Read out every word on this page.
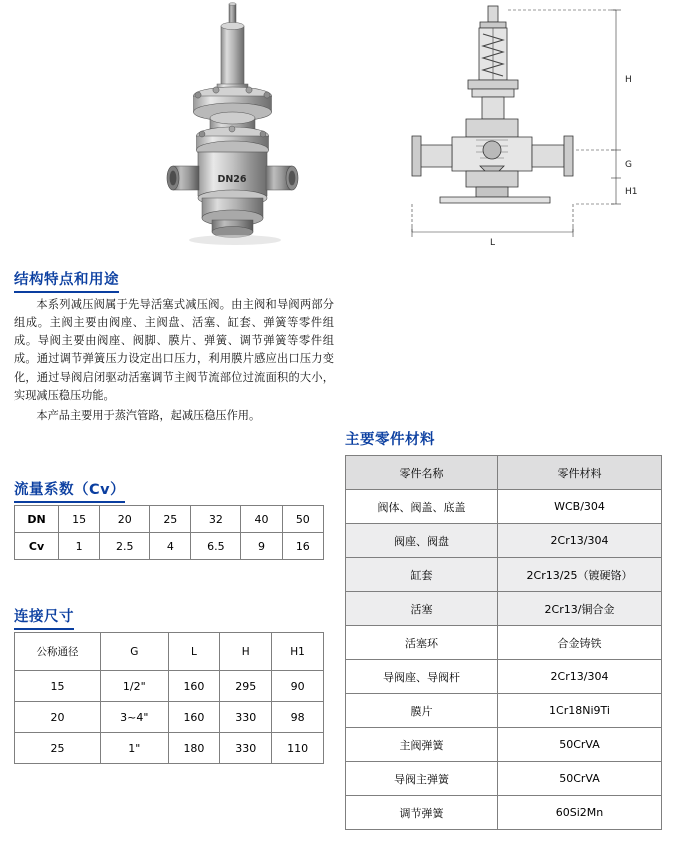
DN26
H
G
H1
L
结构特点和用途

本系列减压阀属于先导活塞式减压阀。由主阀和导阀两部分组成。主阀主要由阀座、主阀盘、活塞、缸套、弹簧等零件组成。导阀主要由阀座、阀脚、膜片、弹簧、调节弹簧等零件组成。通过调节弹簧压力设定出口压力，利用膜片感应出口压力变化，通过导阀启闭驱动活塞调节主阀节流部位过流面积的大小，实现减压稳压功能。

本产品主要用于蒸汽管路，起减压稳压作用。

流量系数（Cv）
DN	15	20	25	32	40	50
Cv	1	2.5	4	6.5	9	16
连接尺寸
公称通径	G	L	H	H1
15	1/2"	160	295	90
20	3~4"	160	330	98
25	1"	180	330	110
主要零件材料
零件名称	零件材料
阀体、阀盖、底盖	WCB/304
阀座、阀盘	2Cr13/304
缸套	2Cr13/25（镀硬铬）
活塞	2Cr13/铜合金
活塞环	合金铸铁
导阀座、导阀杆	2Cr13/304
膜片	1Cr18Ni9Ti
主阀弹簧	50CrVA
导阀主弹簧	50CrVA
调节弹簧	60Si2Mn
